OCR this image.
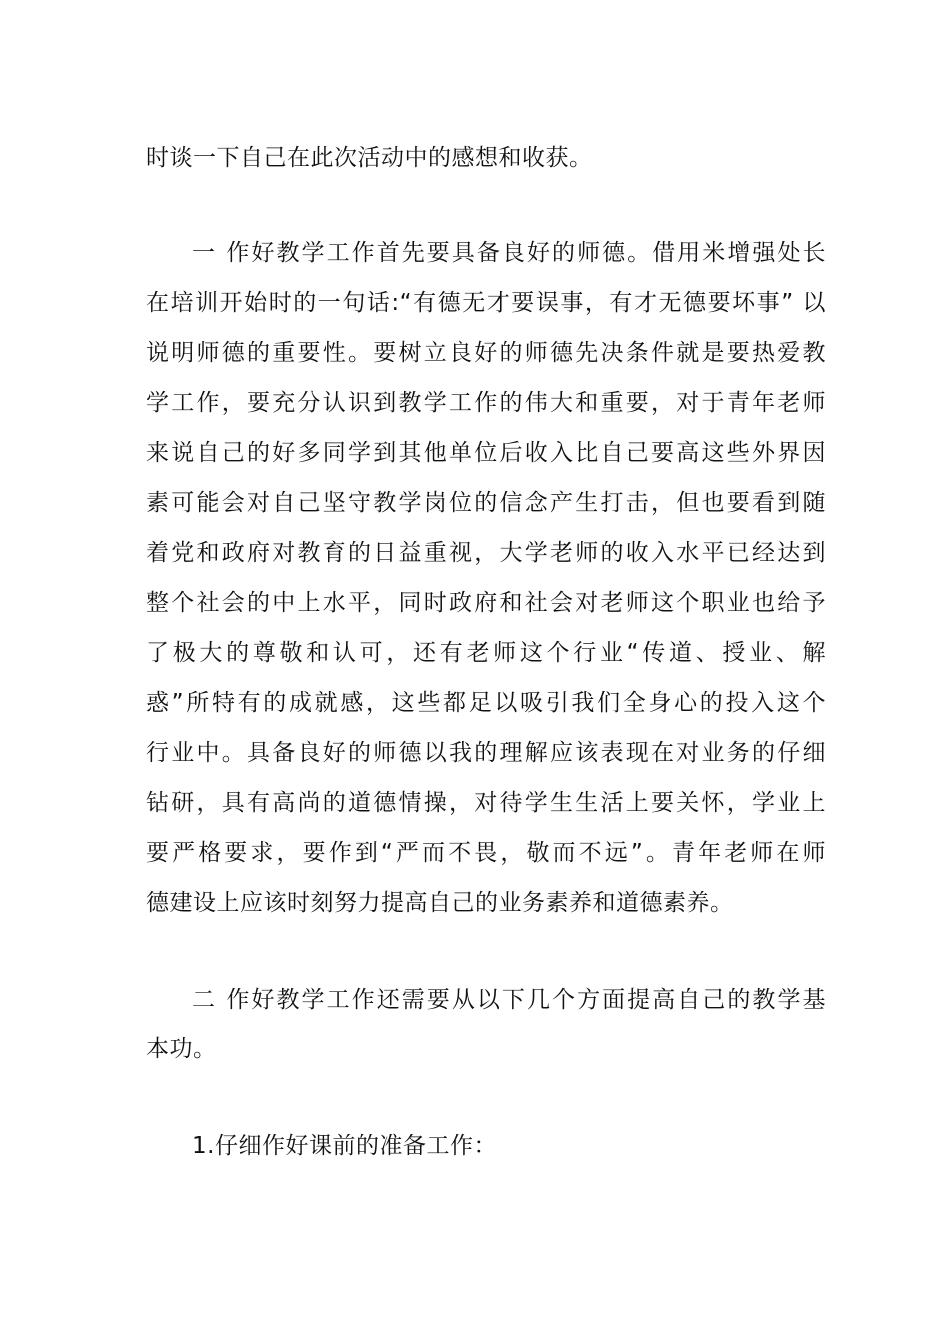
时谈一下自己在此次活动中的感想和收获。
一 作好教学工作首先要具备良好的师德。借用米增强处长
在培训开始时的一句话:“有德无才要误事，有才无德要坏事” 以
说明师德的重要性。要树立良好的师德先决条件就是要热爱教
学工作，要充分认识到教学工作的伟大和重要，对于青年老师
来说自己的好多同学到其他单位后收入比自己要高这些外界因
素可能会对自己坚守教学岗位的信念产生打击，但也要看到随
着党和政府对教育的日益重视，大学老师的收入水平已经达到
整个社会的中上水平，同时政府和社会对老师这个职业也给予
了极大的尊敬和认可，还有老师这个行业“传道、授业、解
惑”所特有的成就感，这些都足以吸引我们全身心的投入这个
行业中。具备良好的师德以我的理解应该表现在对业务的仔细
钻研，具有高尚的道德情操，对待学生生活上要关怀，学业上
要严格要求，要作到“严而不畏，敬而不远”。青年老师在师
德建设上应该时刻努力提高自己的业务素养和道德素养。
二 作好教学工作还需要从以下几个方面提高自己的教学基
本功。
1.仔细作好课前的准备工作：
